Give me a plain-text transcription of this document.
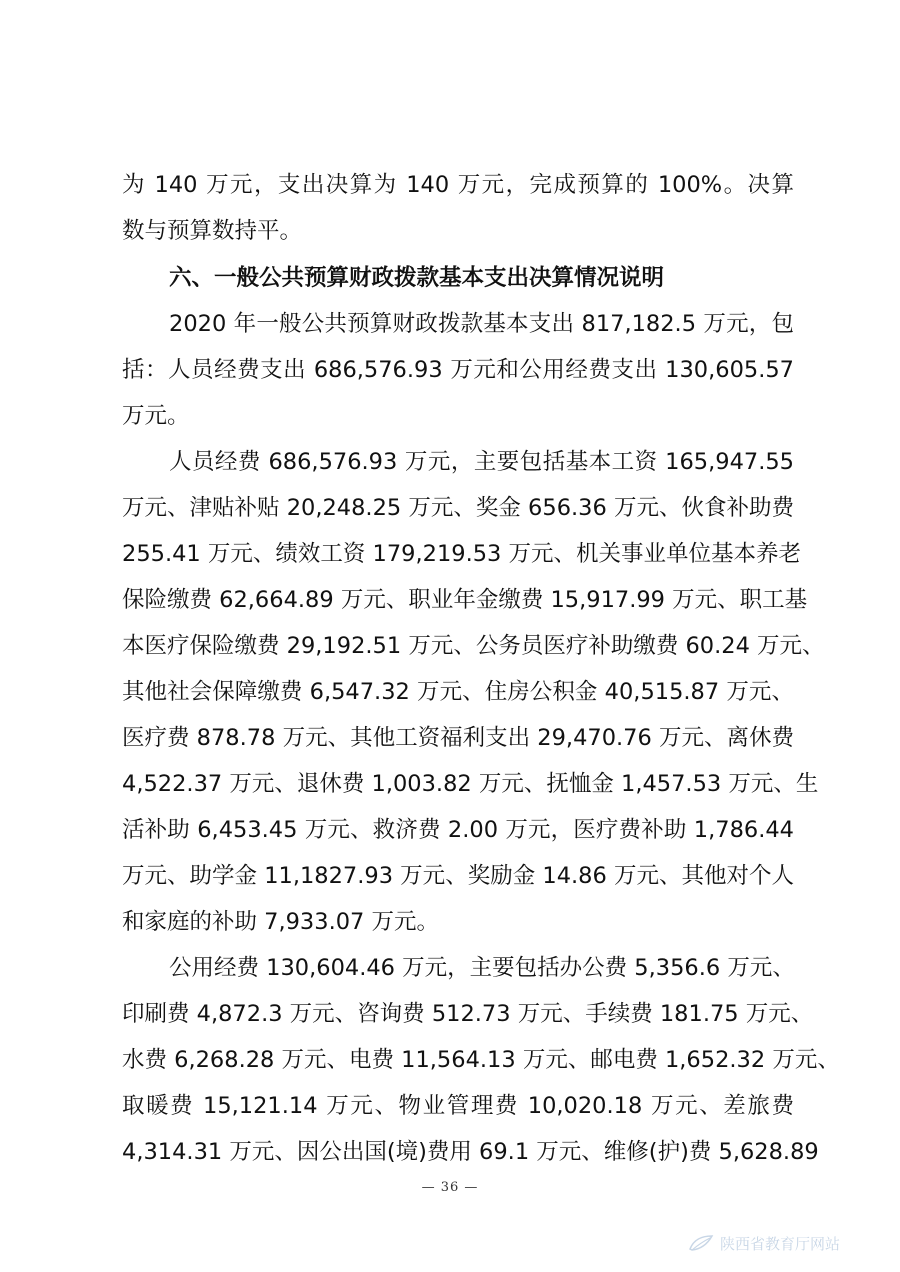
为 140 万元，支出决算为 140 万元，完成预算的 100%。决算
数与预算数持平。
六、一般公共预算财政拨款基本支出决算情况说明
2020 年一般公共预算财政拨款基本支出 817,182.5 万元，包
括：人员经费支出 686,576.93 万元和公用经费支出 130,605.57
万元。
人员经费 686,576.93 万元，主要包括基本工资 165,947.55
万元、津贴补贴 20,248.25 万元、奖金 656.36 万元、伙食补助费
255.41 万元、绩效工资 179,219.53 万元、机关事业单位基本养老
保险缴费 62,664.89 万元、职业年金缴费 15,917.99 万元、职工基
本医疗保险缴费 29,192.51 万元、公务员医疗补助缴费 60.24 万元、
其他社会保障缴费 6,547.32 万元、住房公积金 40,515.87 万元、
医疗费 878.78 万元、其他工资福利支出 29,470.76 万元、离休费
4,522.37 万元、退休费 1,003.82 万元、抚恤金 1,457.53 万元、生
活补助 6,453.45 万元、救济费 2.00 万元，医疗费补助 1,786.44
万元、助学金 11,1827.93 万元、奖励金 14.86 万元、其他对个人
和家庭的补助 7,933.07 万元。
公用经费 130,604.46 万元，主要包括办公费 5,356.6 万元、
印刷费 4,872.3 万元、咨询费 512.73 万元、手续费 181.75 万元、
水费 6,268.28 万元、电费 11,564.13 万元、邮电费 1,652.32 万元、
取暖费 15,121.14 万元、物业管理费 10,020.18 万元、差旅费
4,314.31 万元、因公出国(境)费用 69.1 万元、维修(护)费 5,628.89
— 36 —
陕西省教育厅网站
